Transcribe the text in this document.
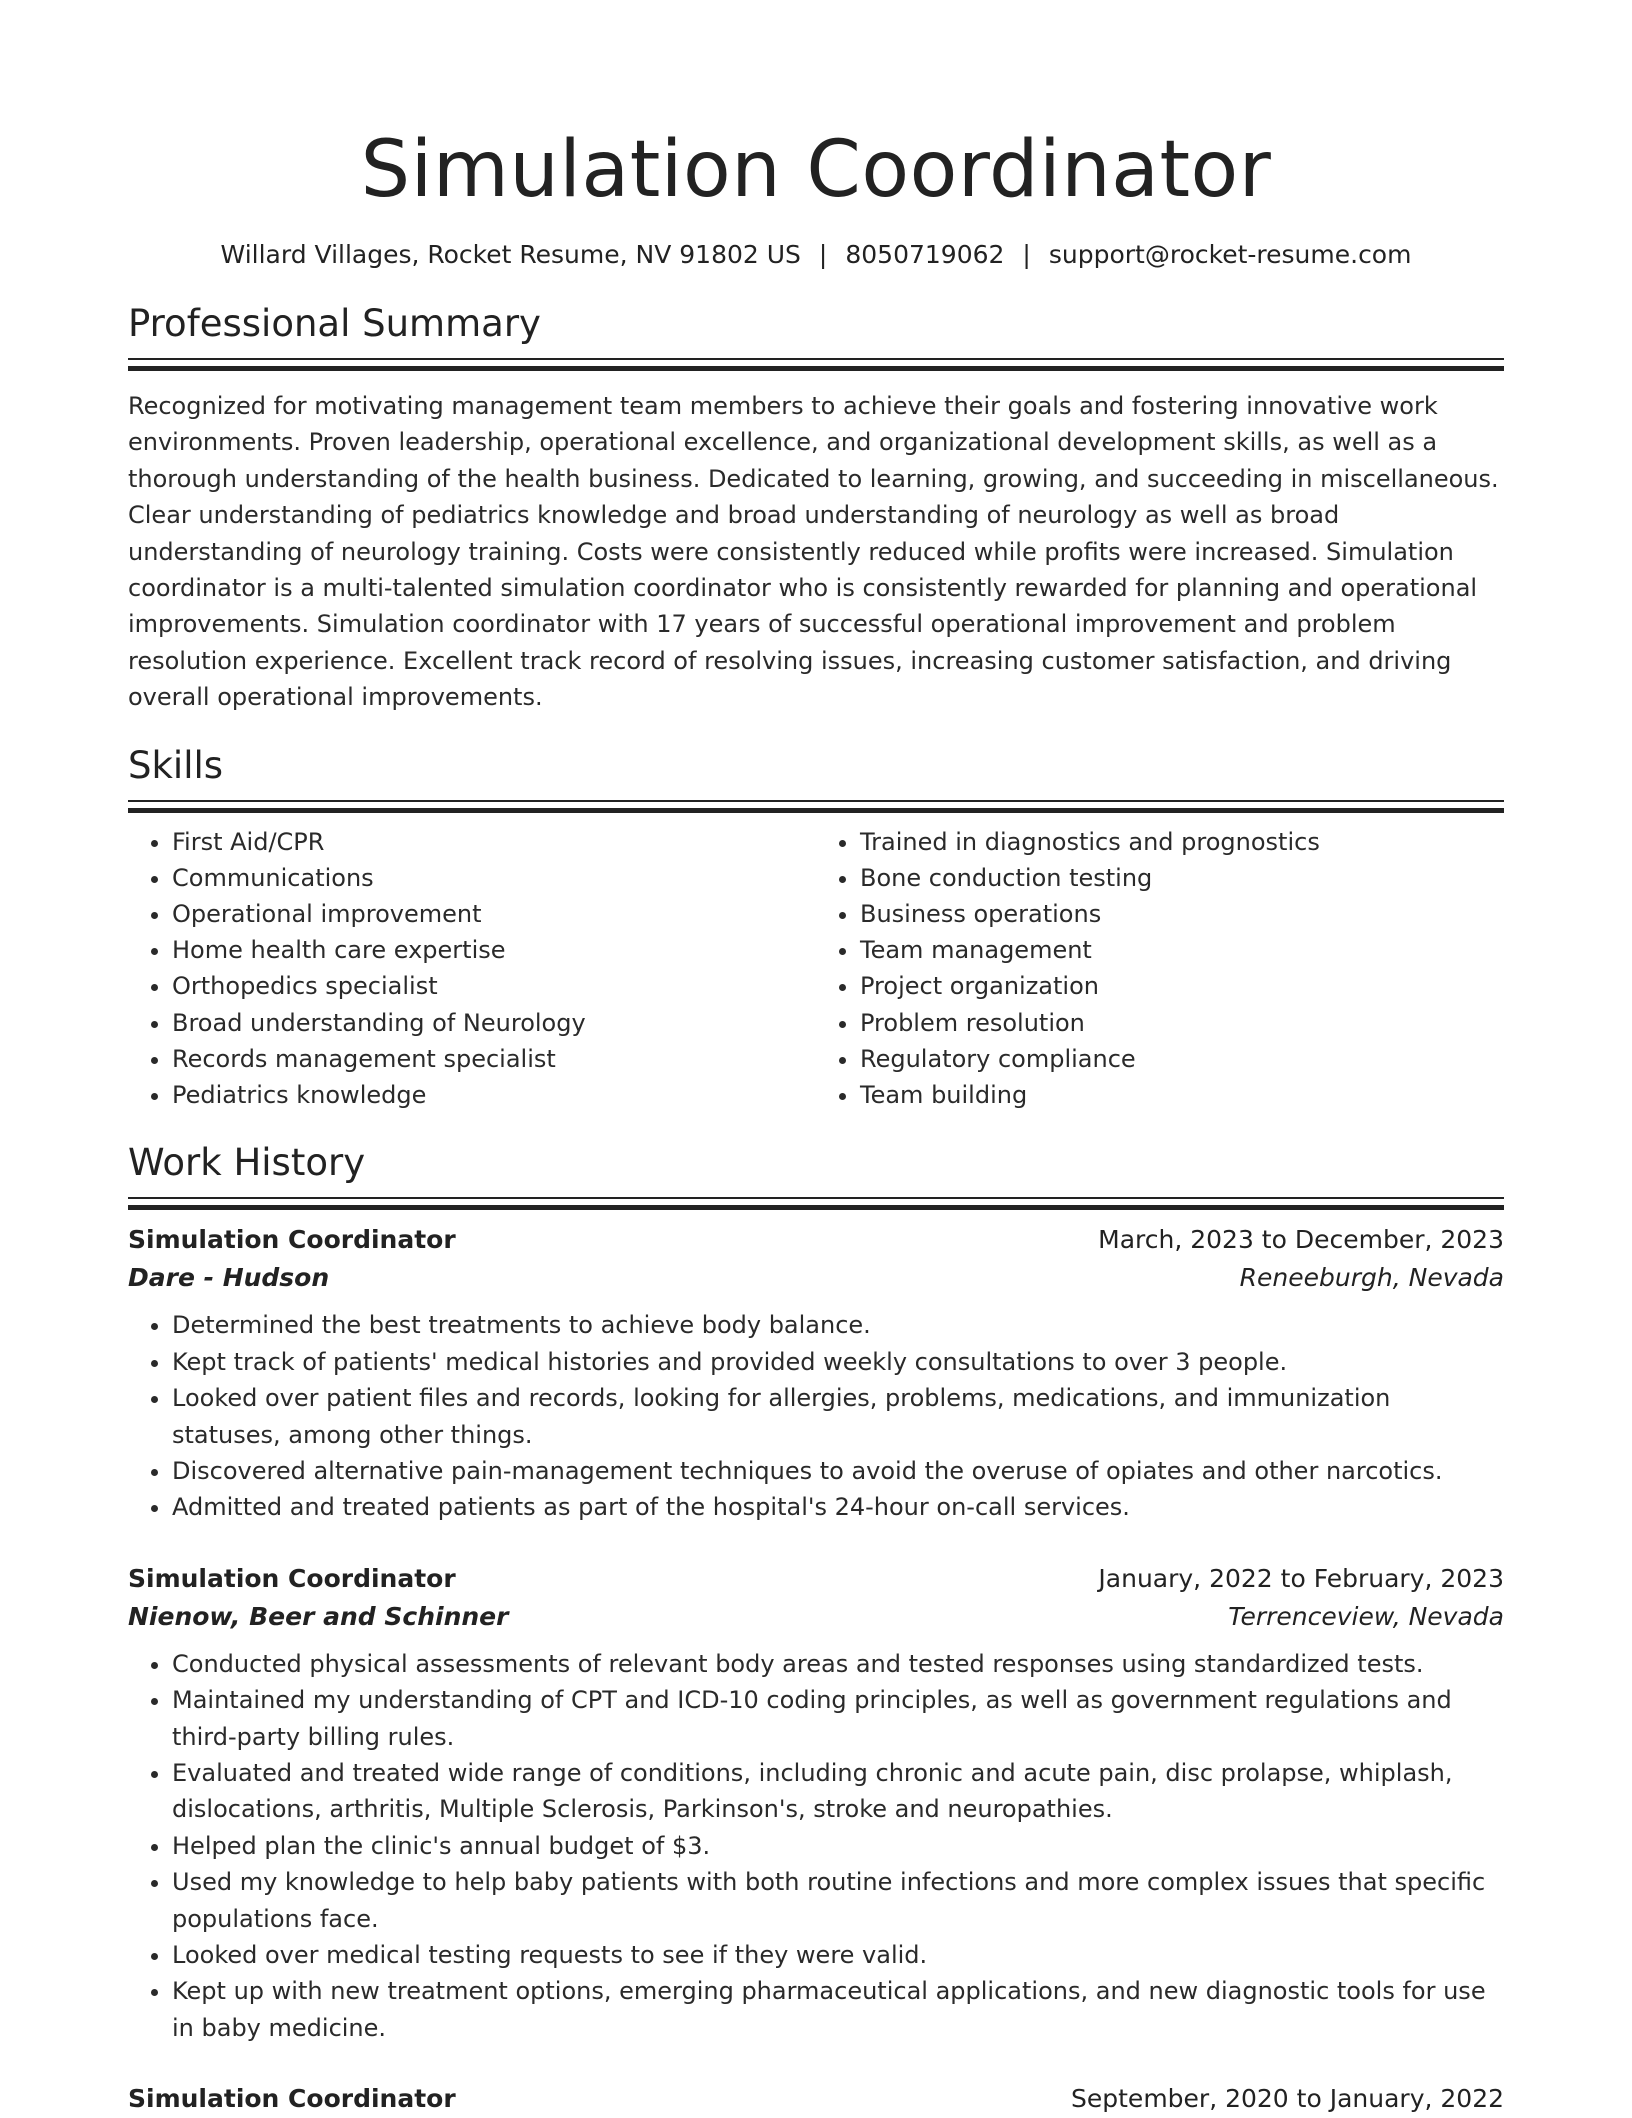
Simulation Coordinator
Willard Villages, Rocket Resume, NV 91802 US | 8050719062 | support@rocket-resume.com
Professional Summary

Recognized for motivating management team members to achieve their goals and fostering innovative work environments. Proven leadership, operational excellence, and organizational development skills, as well as a thorough understanding of the health business. Dedicated to learning, growing, and succeeding in miscellaneous. Clear understanding of pediatrics knowledge and broad understanding of neurology as well as broad understanding of neurology training. Costs were consistently reduced while profits were increased. Simulation coordinator is a multi-talented simulation coordinator who is consistently rewarded for planning and operational improvements. Simulation coordinator with 17 years of successful operational improvement and problem resolution experience. Excellent track record of resolving issues, increasing customer satisfaction, and driving overall operational improvements.

Skills
• First Aid/CPR
• Communications
• Operational improvement
• Home health care expertise
• Orthopedics specialist
• Broad understanding of Neurology
• Records management specialist
• Pediatrics knowledge
• Trained in diagnostics and prognostics
• Bone conduction testing
• Business operations
• Team management
• Project organization
• Problem resolution
• Regulatory compliance
• Team building
Work History
Simulation Coordinator	March, 2023 to December, 2023
Dare - Hudson	Reneeburgh, Nevada
• Determined the best treatments to achieve body balance.
• Kept track of patients' medical histories and provided weekly consultations to over 3 people.
• Looked over patient files and records, looking for allergies, problems, medications, and immunization statuses, among other things.
• Discovered alternative pain-management techniques to avoid the overuse of opiates and other narcotics.
• Admitted and treated patients as part of the hospital's 24-hour on-call services.
Simulation Coordinator	January, 2022 to February, 2023
Nienow, Beer and Schinner	Terrenceview, Nevada
• Conducted physical assessments of relevant body areas and tested responses using standardized tests.
• Maintained my understanding of CPT and ICD-10 coding principles, as well as government regulations and third-party billing rules.
• Evaluated and treated wide range of conditions, including chronic and acute pain, disc prolapse, whiplash, dislocations, arthritis, Multiple Sclerosis, Parkinson's, stroke and neuropathies.
• Helped plan the clinic's annual budget of $3.
• Used my knowledge to help baby patients with both routine infections and more complex issues that specific populations face.
• Looked over medical testing requests to see if they were valid.
• Kept up with new treatment options, emerging pharmaceutical applications, and new diagnostic tools for use in baby medicine.
Simulation Coordinator	September, 2020 to January, 2022
